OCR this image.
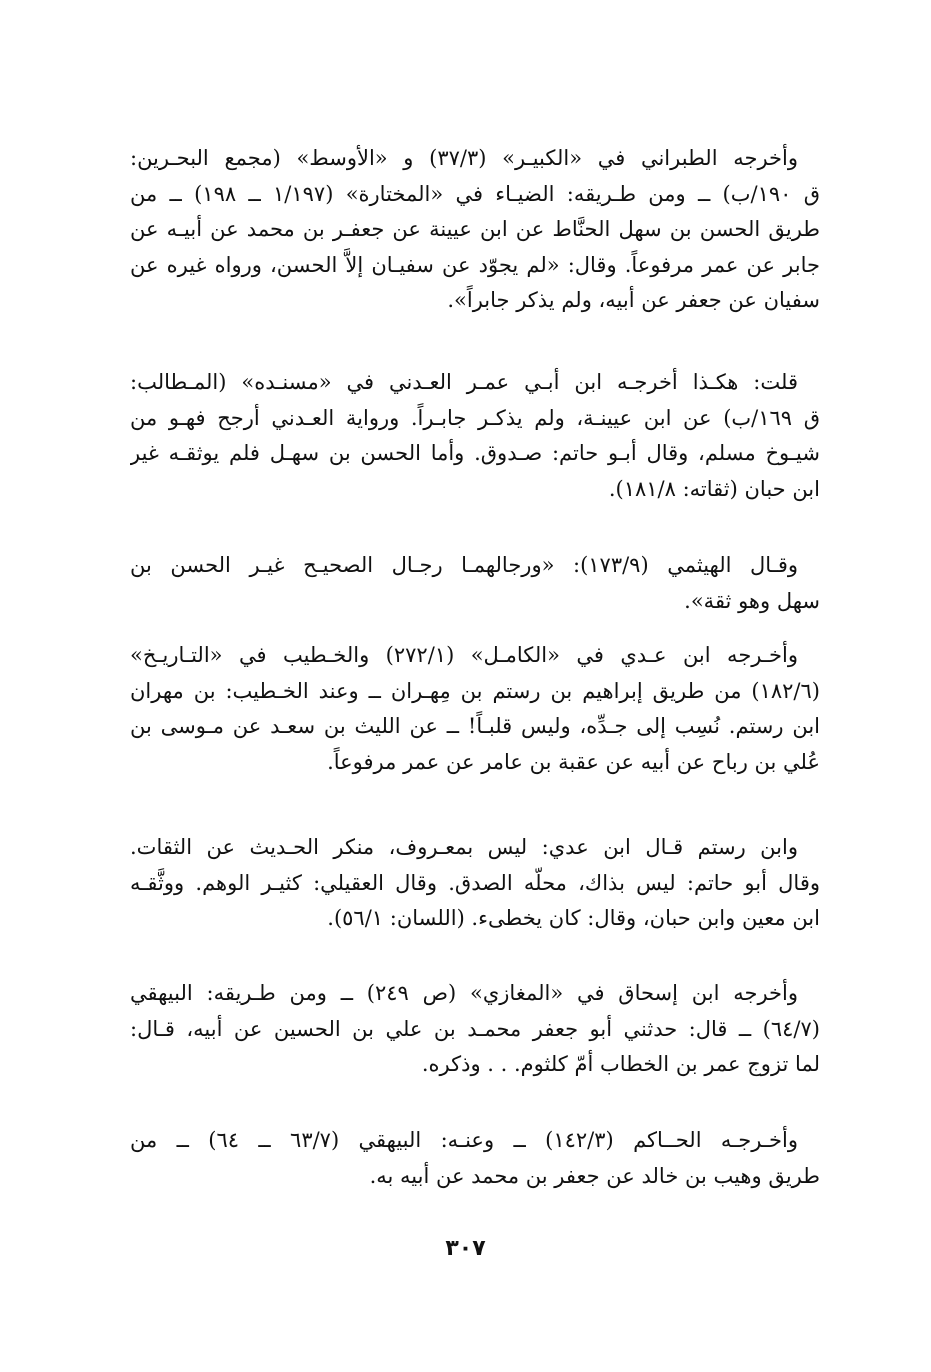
وأخرجه الطبراني في «الكبيـر» (٣٧/٣) و «الأوسط» (مجمع البحـرين:
ق ١٩٠/ب) ــ ومن طـريقه: الضيـاء في «المختارة» (١/١٩٧ ــ ١٩٨) ــ من
طريق الحسن بن سهل الحنَّاط عن ابن عيينة عن جعفـر بن محمد عن أبيـه عن
جابر عن عمر مرفوعاً. وقال: «لم يجوّد عن سفيـان إلاَّ الحسن، ورواه غيره عن
سفيان عن جعفر عن أبيه، ولم يذكر جابراً».
قلت: هكـذا أخرجـه ابن أبـي عمـر العـدني في «مسنـده» (المـطالب:
ق ١٦٩/ب) عن ابن عيينـة، ولم يذكـر جابـراً. ورواية العـدني أرجح فهـو من
شيـوخ مسلم، وقال أبـو حاتم: صـدوق. وأما الحسن بن سهـل فلم يوثقـه غير
ابن حبان (ثقاته: ١٨١/٨).
وقـال الهيثمي (١٧٣/٩): «ورجالهمـا رجـال الصحيـح غيـر الحسن بن
سهل وهو ثقة».
وأخـرجه ابن عـدي في «الكامـل» (٢٧٢/١) والخـطيب في «التـاريـخ»
(١٨٢/٦) من طريق إبراهيم بن رستم بن مِهـران ــ وعند الخـطيب: بن مهران
ابن رستم. نُسِب إلى جـدِّه، وليس قلبـاً! ــ عن الليث بن سعـد عن مـوسى بن
عُلي بن رباح عن أبيه عن عقبة بن عامر عن عمر مرفوعاً.
وابن رستم قـال ابن عدي: ليس بمعـروف، منكر الحـديث عن الثقات.
وقال أبو حاتم: ليس بذاك، محلّه الصدق. وقال العقيلي: كثيـر الوهم. ووثَّقـه
ابن معين وابن حبان، وقال: كان يخطىء. (اللسان: ٥٦/١).
وأخرجه ابن إسحاق في «المغازي» (ص ٢٤٩) ــ ومن طـريقه: البيهقي
(٦٤/٧) ــ قال: حدثني أبو جعفر محمـد بن علي بن الحسين عن أبيه، قـال:
لما تزوج عمر بن الخطاب أمّ كلثوم. . . وذكره.
وأخـرجـه الحــاكم (١٤٢/٣) ــ وعنـه: البيهقي (٦٣/٧ ــ ٦٤) ــ من
طريق وهيب بن خالد عن جعفر بن محمد عن أبيه به.
٣٠٧
